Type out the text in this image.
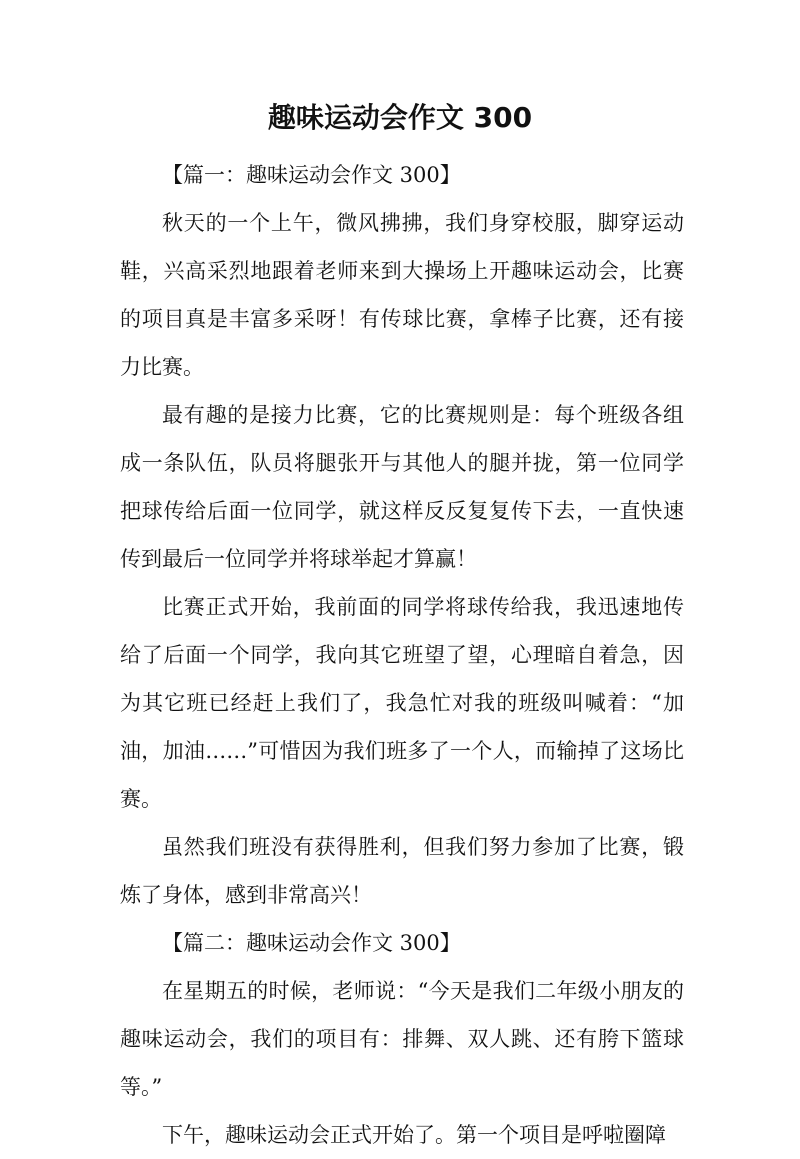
趣味运动会作文 300

【篇一：趣味运动会作文 300】

秋天的一个上午，微风拂拂，我们身穿校服，脚穿运动鞋，兴高采烈地跟着老师来到大操场上开趣味运动会，比赛的项目真是丰富多采呀！有传球比赛，拿棒子比赛，还有接力比赛。

最有趣的是接力比赛，它的比赛规则是：每个班级各组成一条队伍，队员将腿张开与其他人的腿并拢，第一位同学把球传给后面一位同学，就这样反反复复传下去，一直快速传到最后一位同学并将球举起才算赢！

比赛正式开始，我前面的同学将球传给我，我迅速地传给了后面一个同学，我向其它班望了望，心理暗自着急，因为其它班已经赶上我们了，我急忙对我的班级叫喊着：“加油，加油……”可惜因为我们班多了一个人，而输掉了这场比赛。

虽然我们班没有获得胜利，但我们努力参加了比赛，锻炼了身体，感到非常高兴！

【篇二：趣味运动会作文 300】

在星期五的时候，老师说：“今天是我们二年级小朋友的趣味运动会，我们的项目有：排舞、双人跳、还有胯下篮球等。”

下午，趣味运动会正式开始了。第一个项目是呼啦圈障
